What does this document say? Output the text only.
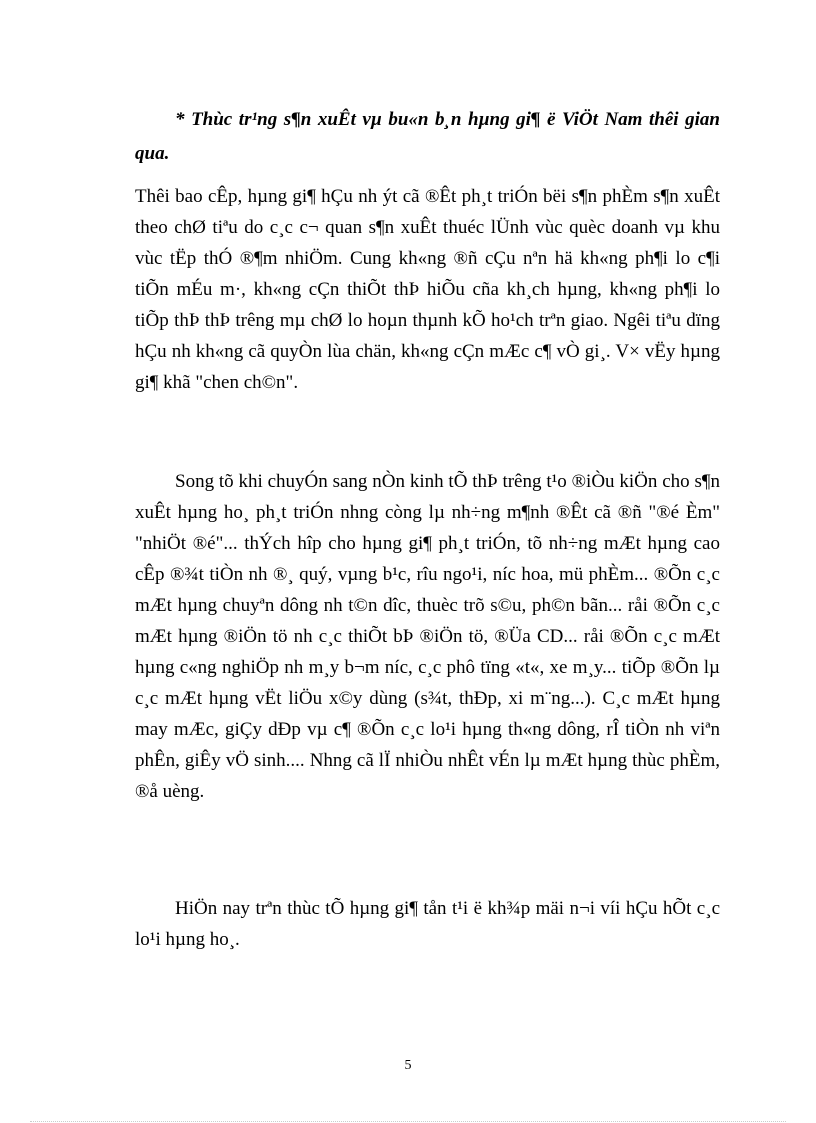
* Thùc tr¹ng s¶n xuÊt vµ bu«n b¸n hµng gi¶ ë ViÖt Nam thêi gian qua.

Thêi bao cÊp, hµng gi¶ hÇu nh ýt cã ®Êt ph¸t triÓn bëi s¶n phÈm s¶n xuÊt theo chØ tiªu do c¸c c¬ quan s¶n xuÊt thuéc lÜnh vùc quèc doanh vµ khu vùc tËp thÓ ®¶m nhiÖm. Cung kh«ng ®ñ cÇu nªn hä kh«ng ph¶i lo c¶i tiÕn mÉu m·, kh«ng cÇn thiÕt thÞ hiÕu cña kh¸ch hµng, kh«ng ph¶i lo tiÕp thÞ thÞ trêng mµ chØ lo hoµn thµnh kÕ ho¹ch trªn giao. Ngêi tiªu dïng hÇu nh kh«ng cã quyÒn lùa chän, kh«ng cÇn mÆc c¶ vÒ gi¸. V× vËy hµng gi¶ khã "chen ch©n".

Song tõ khi chuyÓn sang nÒn kinh tÕ thÞ trêng t¹o ®iÒu kiÖn cho s¶n xuÊt hµng ho¸ ph¸t triÓn nhng còng lµ nh÷ng m¶nh ®Êt cã ®ñ "®é Èm" "nhiÖt ®é"... thÝch hîp cho hµng gi¶ ph¸t triÓn, tõ nh÷ng mÆt hµng cao cÊp ®¾t tiÒn nh ®¸ quý, vµng b¹c, rîu ngo¹i, níc hoa, mü phÈm... ®Õn c¸c mÆt hµng chuyªn dông nh t©n dîc, thuèc trõ s©u, ph©n bãn... råi ®Õn c¸c mÆt hµng ®iÖn tö nh c¸c thiÕt bÞ ®iÖn tö, ®Üa CD... råi ®Õn c¸c mÆt hµng c«ng nghiÖp nh m¸y b¬m níc, c¸c phô tïng «t«, xe m¸y... tiÕp ®Õn lµ c¸c mÆt hµng vËt liÖu x©y dùng (s¾t, thÐp, xi m¨ng...). C¸c mÆt hµng may mÆc, giÇy dÐp vµ c¶ ®Õn c¸c lo¹i hµng th«ng dông, rÎ tiÒn nh viªn phÊn, giÊy vÖ sinh.... Nhng cã lÏ nhiÒu nhÊt vÉn lµ mÆt hµng thùc phÈm, ®å uèng.

HiÖn nay trªn thùc tÕ hµng gi¶ tån t¹i ë kh¾p mäi n¬i víi hÇu hÕt c¸c lo¹i hµng ho¸.

5
